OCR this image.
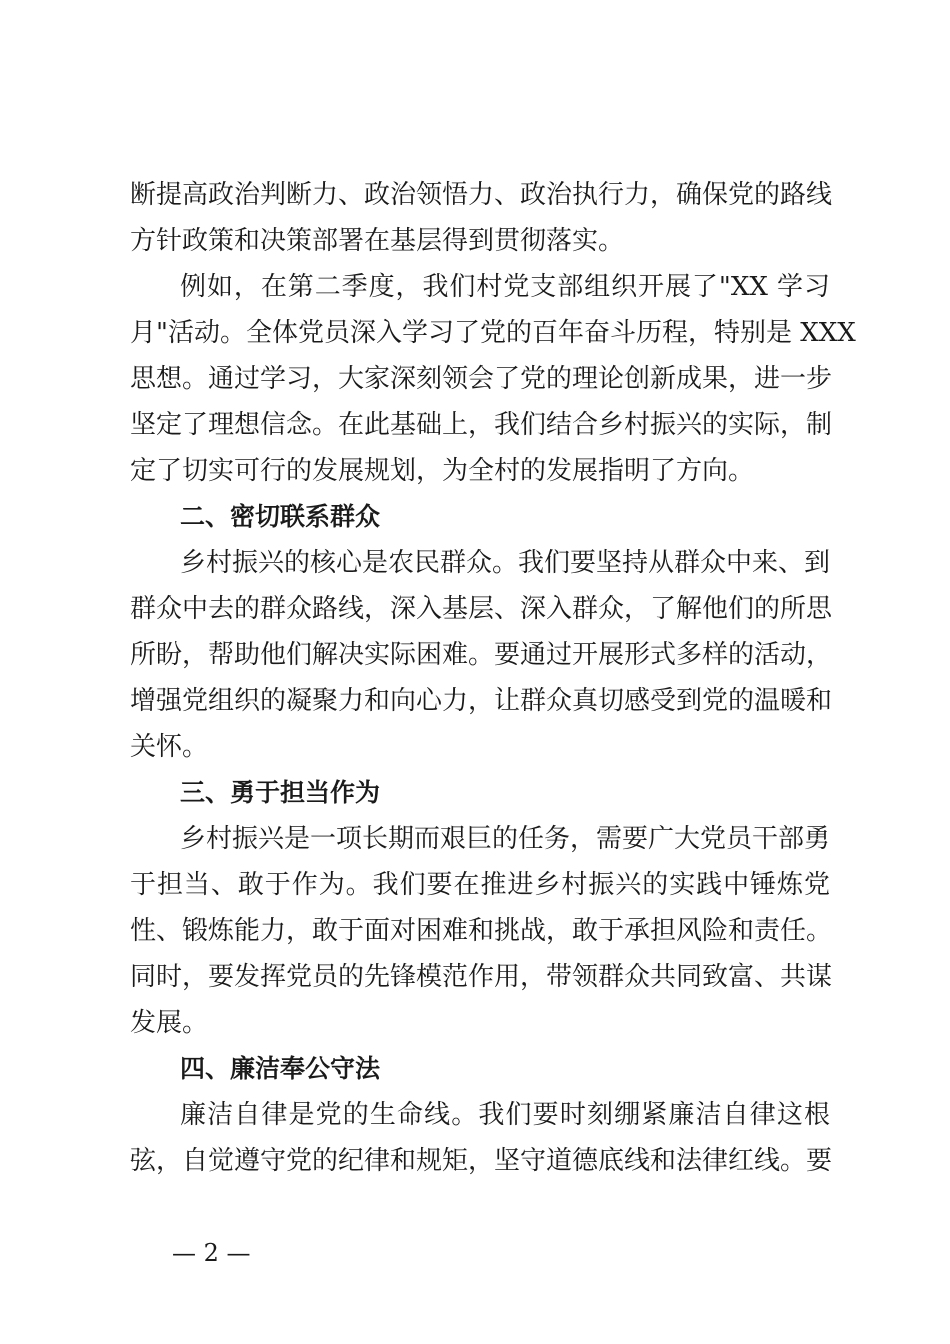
断提高政治判断力、政治领悟力、政治执行力，确保党的路线
方针政策和决策部署在基层得到贯彻落实。
例如，在第二季度，我们村党支部组织开展了"XX 学习
月"活动。全体党员深入学习了党的百年奋斗历程，特别是 XXX
思想。通过学习，大家深刻领会了党的理论创新成果，进一步
坚定了理想信念。在此基础上，我们结合乡村振兴的实际，制
定了切实可行的发展规划，为全村的发展指明了方向。
二、密切联系群众
乡村振兴的核心是农民群众。我们要坚持从群众中来、到
群众中去的群众路线，深入基层、深入群众，了解他们的所思
所盼，帮助他们解决实际困难。要通过开展形式多样的活动，
增强党组织的凝聚力和向心力，让群众真切感受到党的温暖和
关怀。
三、勇于担当作为
乡村振兴是一项长期而艰巨的任务，需要广大党员干部勇
于担当、敢于作为。我们要在推进乡村振兴的实践中锤炼党
性、锻炼能力，敢于面对困难和挑战，敢于承担风险和责任。
同时，要发挥党员的先锋模范作用，带领群众共同致富、共谋
发展。
四、廉洁奉公守法
廉洁自律是党的生命线。我们要时刻绷紧廉洁自律这根
弦，自觉遵守党的纪律和规矩，坚守道德底线和法律红线。要
— 2 —
